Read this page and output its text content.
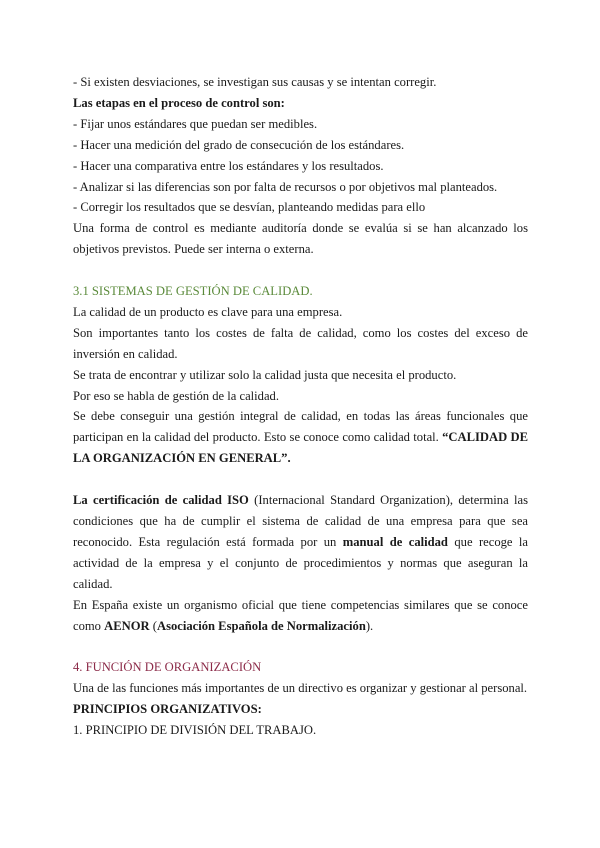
- Si existen desviaciones, se investigan sus causas y se intentan corregir.

Las etapas en el proceso de control son:

- Fijar unos estándares que puedan ser medibles.

- Hacer una medición del grado de consecución de los estándares.

- Hacer una comparativa entre los estándares y los resultados.

- Analizar si las diferencias son por falta de recursos o por objetivos mal planteados.

- Corregir los resultados que se desvían, planteando medidas para ello

Una forma de control es mediante auditoría donde se evalúa si se han alcanzado los objetivos previstos. Puede ser interna o externa.

3.1 SISTEMAS DE GESTIÓN DE CALIDAD.

La calidad de un producto es clave para una empresa.

Son importantes tanto los costes de falta de calidad, como los costes del exceso de inversión en calidad.

Se trata de encontrar y utilizar solo la calidad justa que necesita el producto.

Por eso se habla de gestión de la calidad.

Se debe conseguir una gestión integral de calidad, en todas las áreas funcionales que participan en la calidad del producto. Esto se conoce como calidad total. “CALIDAD DE LA ORGANIZACIÓN EN GENERAL”.

La certificación de calidad ISO (Internacional Standard Organization), determina las condiciones que ha de cumplir el sistema de calidad de una empresa para que sea reconocido. Esta regulación está formada por un manual de calidad que recoge la actividad de la empresa y el conjunto de procedimientos y normas que aseguran la calidad.

En España existe un organismo oficial que tiene competencias similares que se conoce como AENOR (Asociación Española de Normalización).

4. FUNCIÓN DE ORGANIZACIÓN

Una de las funciones más importantes de un directivo es organizar y gestionar al personal.

PRINCIPIOS ORGANIZATIVOS:

1. PRINCIPIO DE DIVISIÓN DEL TRABAJO.
